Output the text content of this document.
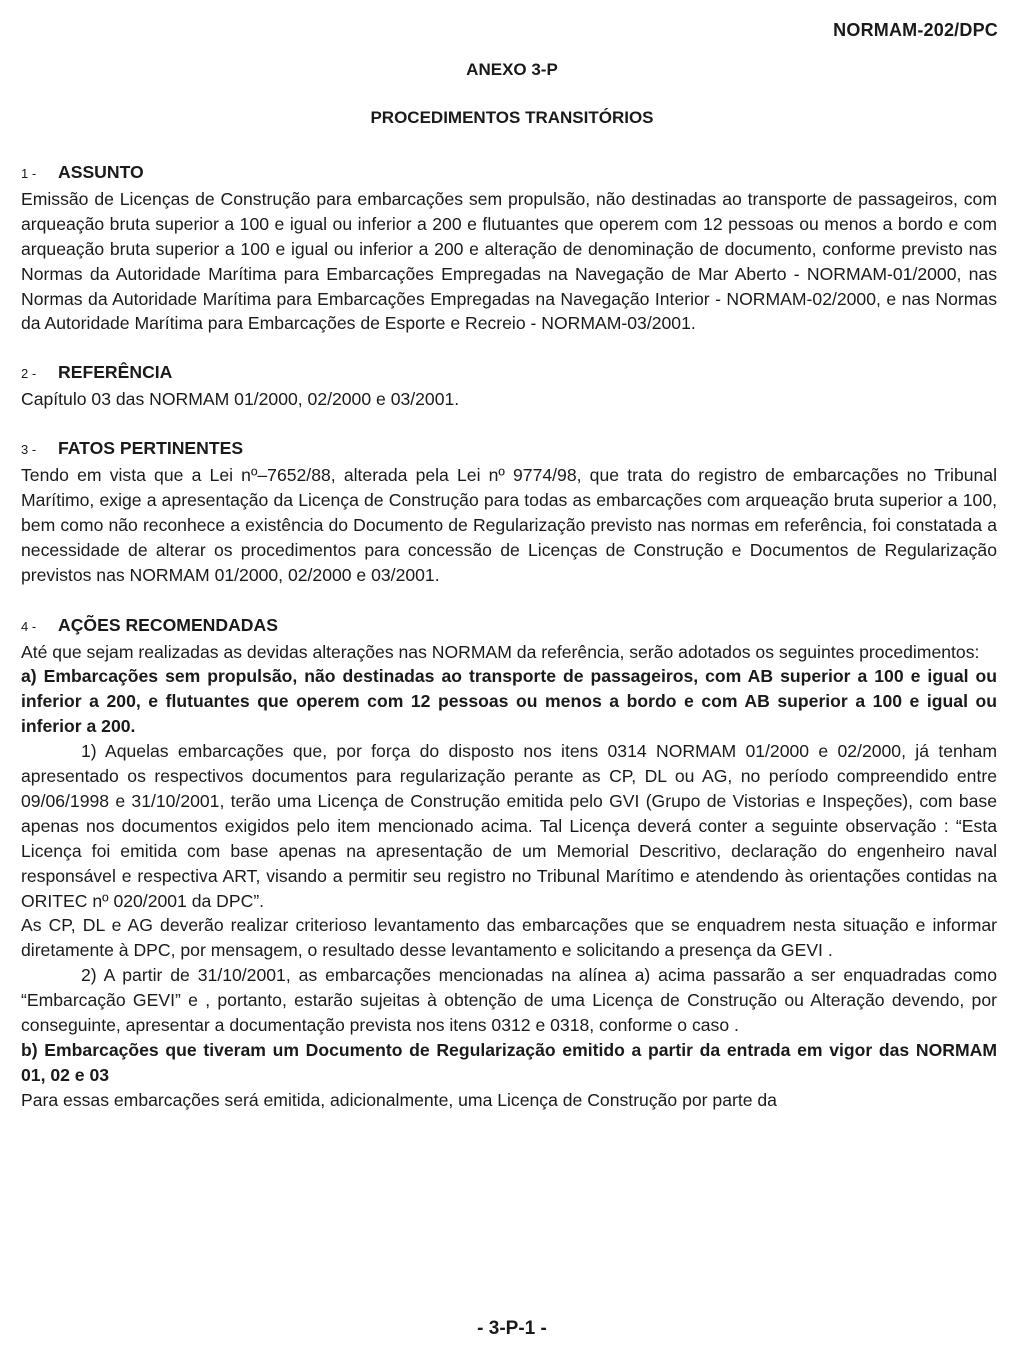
NORMAM-202/DPC
ANEXO 3-P
PROCEDIMENTOS TRANSITÓRIOS
1 -	ASSUNTO

Emissão de Licenças de Construção para embarcações sem propulsão, não destinadas ao transporte de passageiros, com arqueação bruta superior a 100 e igual ou inferior a 200 e flutuantes que operem com 12 pessoas ou menos a bordo e com arqueação bruta superior a 100 e igual ou inferior a 200 e alteração de denominação de documento, conforme previsto nas Normas da Autoridade Marítima para Embarcações Empregadas na Navegação de Mar Aberto - NORMAM-01/2000, nas Normas da Autoridade Marítima para Embarcações Empregadas na Navegação Interior - NORMAM-02/2000, e nas Normas da Autoridade Marítima para Embarcações de Esporte e Recreio - NORMAM-03/2001.

2 -	REFERÊNCIA

Capítulo 03 das NORMAM 01/2000, 02/2000 e 03/2001.

3 -	FATOS PERTINENTES

Tendo em vista que a Lei nº–7652/88, alterada pela Lei nº 9774/98, que trata do registro de embarcações no Tribunal Marítimo, exige a apresentação da Licença de Construção para todas as embarcações com arqueação bruta superior a 100, bem como não reconhece a existência do Documento de Regularização previsto nas normas em referência, foi constatada a necessidade de alterar os procedimentos para concessão de Licenças de Construção e Documentos de Regularização previstos nas NORMAM 01/2000, 02/2000 e 03/2001.

4 -	AÇÕES RECOMENDADAS

Até que sejam realizadas as devidas alterações nas NORMAM da referência, serão adotados os seguintes procedimentos:

a) Embarcações sem propulsão, não destinadas ao transporte de passageiros, com AB superior a 100 e igual ou inferior a 200, e flutuantes que operem com 12 pessoas ou menos a bordo e com AB superior a 100 e igual ou inferior a 200.

1) Aquelas embarcações que, por força do disposto nos itens 0314 NORMAM 01/2000 e 02/2000, já tenham apresentado os respectivos documentos para regularização perante as CP, DL ou AG, no período compreendido entre 09/06/1998 e 31/10/2001, terão uma Licença de Construção emitida pelo GVI (Grupo de Vistorias e Inspeções), com base apenas nos documentos exigidos pelo item mencionado acima. Tal Licença deverá conter a seguinte observação : “Esta Licença foi emitida com base apenas na apresentação de um Memorial Descritivo, declaração do engenheiro naval responsável e respectiva ART, visando a permitir seu registro no Tribunal Marítimo e atendendo às orientações contidas na ORITEC nº 020/2001 da DPC”.

As CP, DL e AG deverão realizar criterioso levantamento das embarcações que se enquadrem nesta situação e informar diretamente à DPC, por mensagem, o resultado desse levantamento e solicitando a presença da GEVI .

2) A partir de 31/10/2001, as embarcações mencionadas na alínea a) acima passarão a ser enquadradas como “Embarcação GEVI” e , portanto, estarão sujeitas à obtenção de uma Licença de Construção ou Alteração devendo, por conseguinte, apresentar a documentação prevista nos itens 0312 e 0318, conforme o caso .

b) Embarcações que tiveram um Documento de Regularização emitido a partir da entrada em vigor das NORMAM 01, 02 e 03

Para essas embarcações será emitida, adicionalmente, uma Licença de Construção por parte da

- 3-P-1 -
